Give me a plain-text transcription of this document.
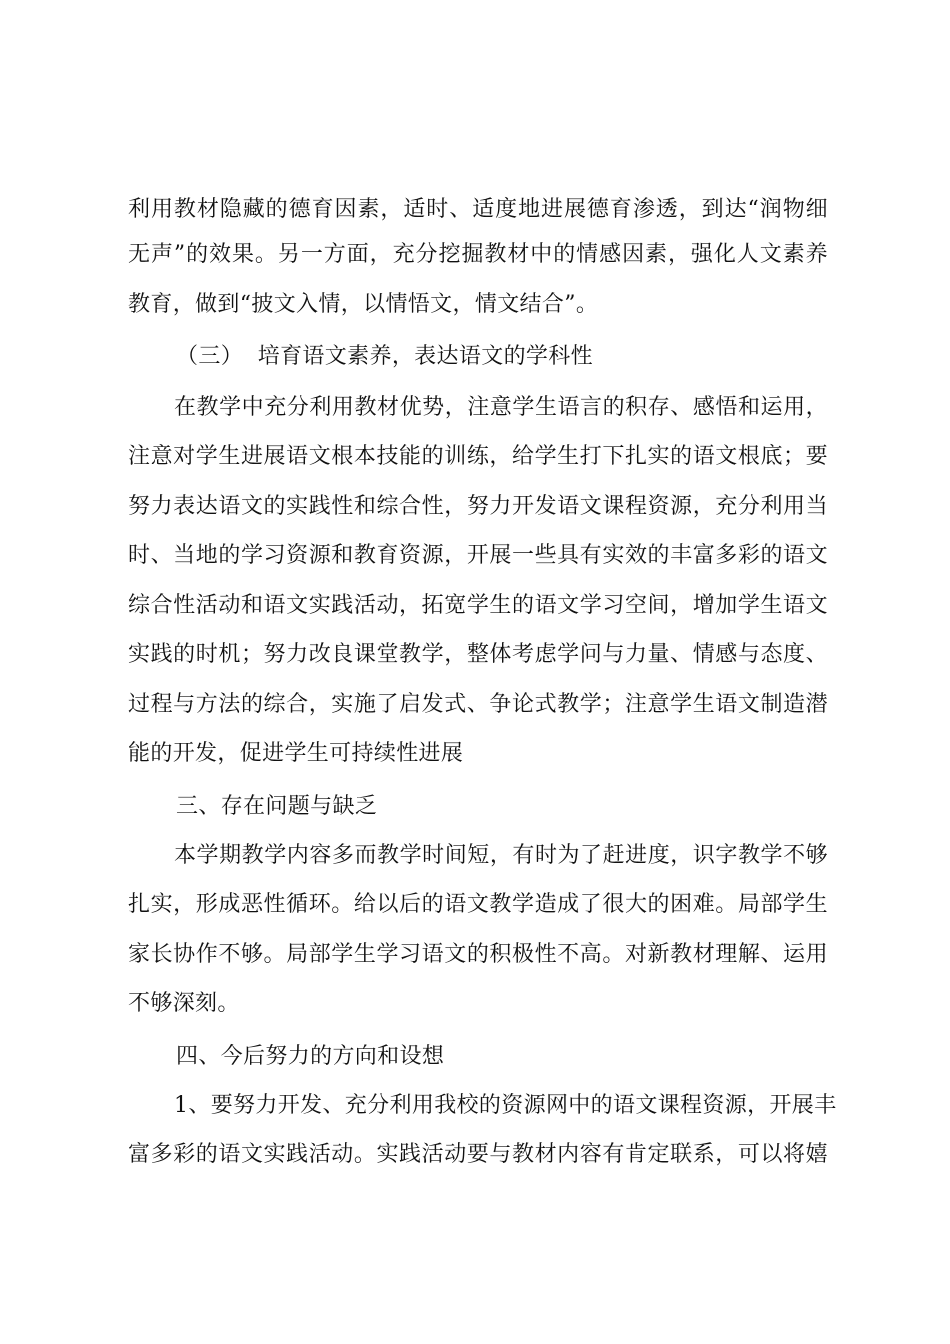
利用教材隐藏的德育因素，适时、适度地进展德育渗透，到达“润物细
无声”的效果。另一方面，充分挖掘教材中的情感因素，强化人文素养
教育，做到“披文入情，以情悟文，情文结合”。
（三）  培育语文素养，表达语文的学科性
在教学中充分利用教材优势，注意学生语言的积存、感悟和运用，
注意对学生进展语文根本技能的训练，给学生打下扎实的语文根底；要
努力表达语文的实践性和综合性，努力开发语文课程资源，充分利用当
时、当地的学习资源和教育资源，开展一些具有实效的丰富多彩的语文
综合性活动和语文实践活动，拓宽学生的语文学习空间，增加学生语文
实践的时机；努力改良课堂教学，整体考虑学问与力量、情感与态度、
过程与方法的综合，实施了启发式、争论式教学；注意学生语文制造潜
能的开发，促进学生可持续性进展
三、存在问题与缺乏
本学期教学内容多而教学时间短，有时为了赶进度，识字教学不够
扎实，形成恶性循环。给以后的语文教学造成了很大的困难。局部学生
家长协作不够。局部学生学习语文的积极性不高。对新教材理解、运用
不够深刻。
四、今后努力的方向和设想
1、要努力开发、充分利用我校的资源网中的语文课程资源，开展丰
富多彩的语文实践活动。实践活动要与教材内容有肯定联系，可以将嬉
